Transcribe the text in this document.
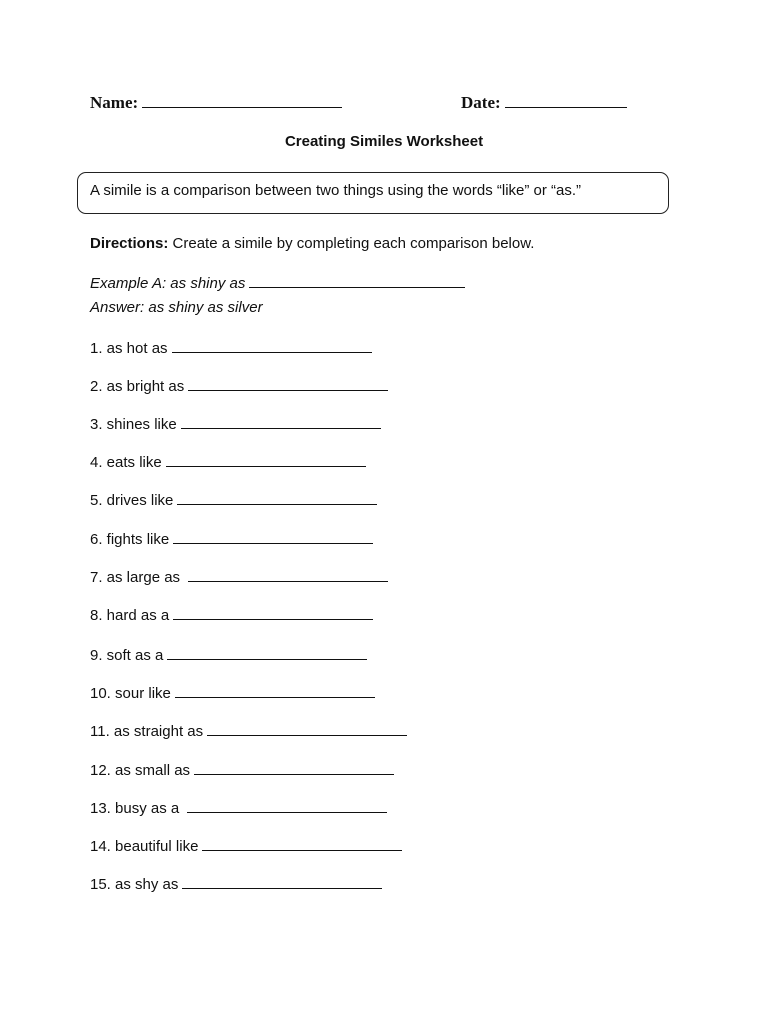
Name:	Date:
Creating Similes Worksheet
A simile is a comparison between two things using the words “like” or “as.”
Directions: Create a simile by completing each comparison below.
Example A: as shiny as
Answer: as shiny as silver
1. as hot as
2. as bright as
3. shines like
4. eats like
5. drives like
6. fights like
7. as large as
8. hard as a
9. soft as a
10. sour like
11. as straight as
12. as small as
13. busy as a
14. beautiful like
15. as shy as
